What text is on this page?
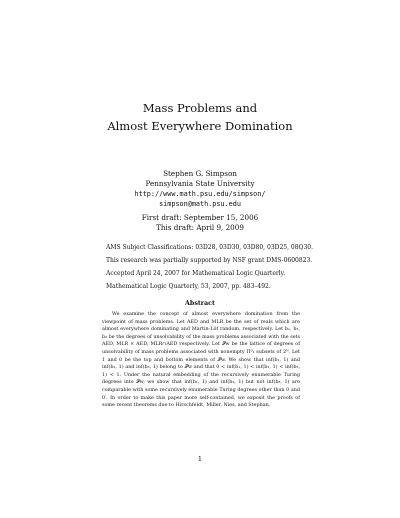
Mass Problems and
Almost Everywhere Domination
Stephen G. Simpson
Pennsylvania State University
http://www.math.psu.edu/simpson/
simpson@math.psu.edu
First draft: September 15, 2006
This draft: April 9, 2009
AMS Subject Classifications: 03D28, 03D30, 03D80, 03D25, 08Q30.
This research was partially supported by NSF grant DMS-0600823.
Accepted April 24, 2007 for Mathematical Logic Quarterly.
Mathematical Logic Quarterly, 53, 2007, pp. 483–492.
Abstract
We examine the concept of almost everywhere domination from the viewpoint of mass problems. Let AED and MLR be the set of reals which are almost everywhere dominating and Martin-Löf random, respectively. Let b₁, b₂, b₃ be the degrees of unsolvability of the mass problems associated with the sets AED, MLR × AED, MLR∩AED respectively. Let 𝒫w be the lattice of degrees of unsolvability of mass problems associated with nonempty Π⁰₁ subsets of 2ᴺ. Let 1 and 0 be the top and bottom elements of 𝒫w. We show that inf(b₁, 1) and inf(b₂, 1) and inf(b₃, 1) belong to 𝒫w and that 0 < inf(b₁, 1) < inf(b₂, 1) < inf(b₃, 1) < 1. Under the natural embedding of the recursively enumerable Turing degrees into 𝒫w, we show that inf(b₁, 1) and inf(b₂, 1) but not inf(b₃, 1) are comparable with some recursively enumerable Turing degrees other than 0 and 0′. In order to make this paper more self-contained, we exposit the proofs of some recent theorems due to Hirschfeldt, Miller, Nies, and Stephan.
1
